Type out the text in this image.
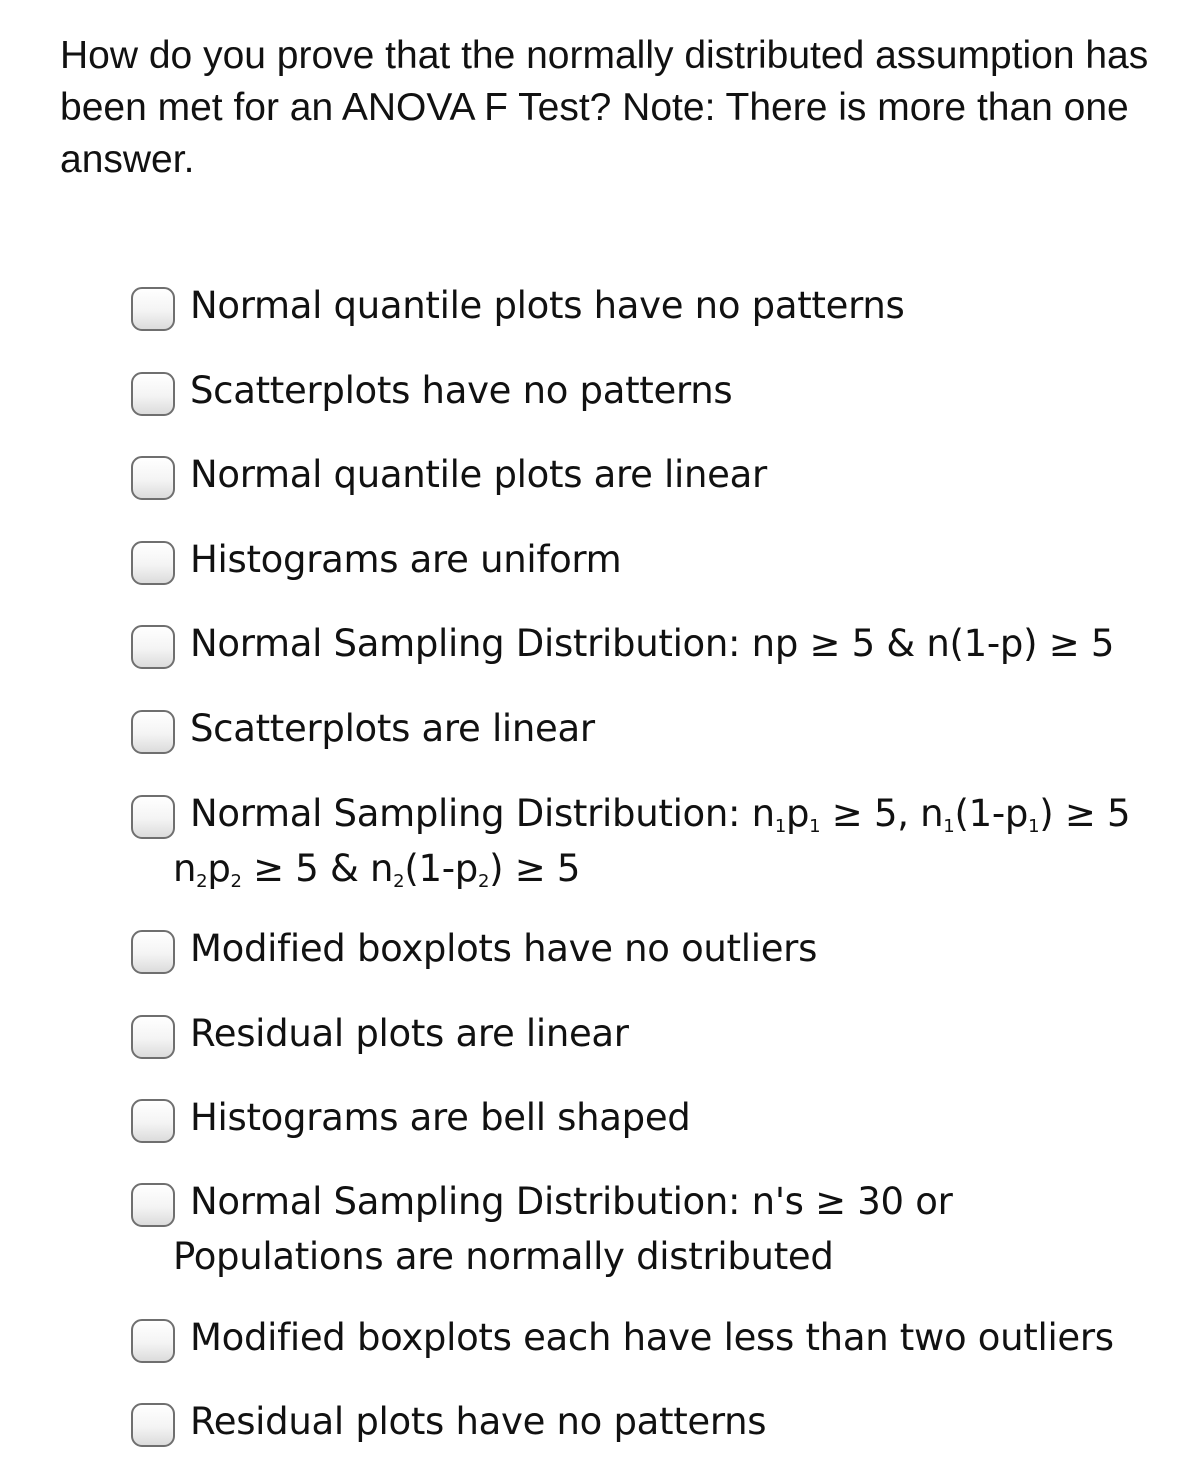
How do you prove that the normally distributed assumption has been met for an ANOVA F Test? Note: There is more than one answer.

Normal quantile plots have no patterns
Scatterplots have no patterns
Normal quantile plots are linear
Histograms are uniform
Normal Sampling Distribution: np ≥ 5 & n(1-p) ≥ 5
Scatterplots are linear
Normal Sampling Distribution: $n_1p_1 \ge 5$, $n_1(1-p_1) \ge 5$
$n_2p_2 \ge 5$ & $n_2(1-p_2) \ge 5$
Modified boxplots have no outliers
Residual plots are linear
Histograms are bell shaped
Normal Sampling Distribution: n's ≥ 30 or
Populations are normally distributed
Modified boxplots each have less than two outliers
Residual plots have no patterns
